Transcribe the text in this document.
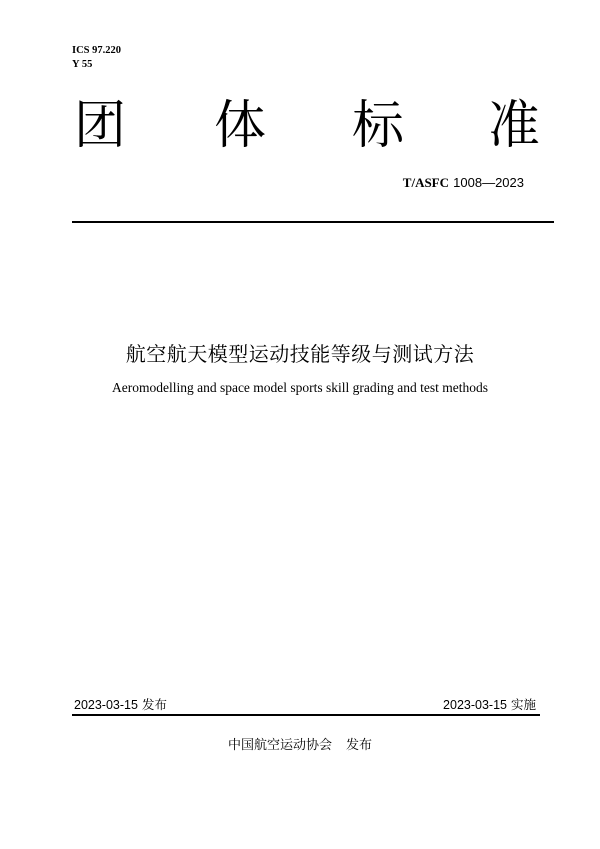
ICS 97.220
Y 55
团 体 标 准
T/ASFC 1008—2023
航空航天模型运动技能等级与测试方法
Aeromodelling and space model sports skill grading and test methods
2023-03-15 发布	2023-03-15 实施
中国航空运动协会 发布
